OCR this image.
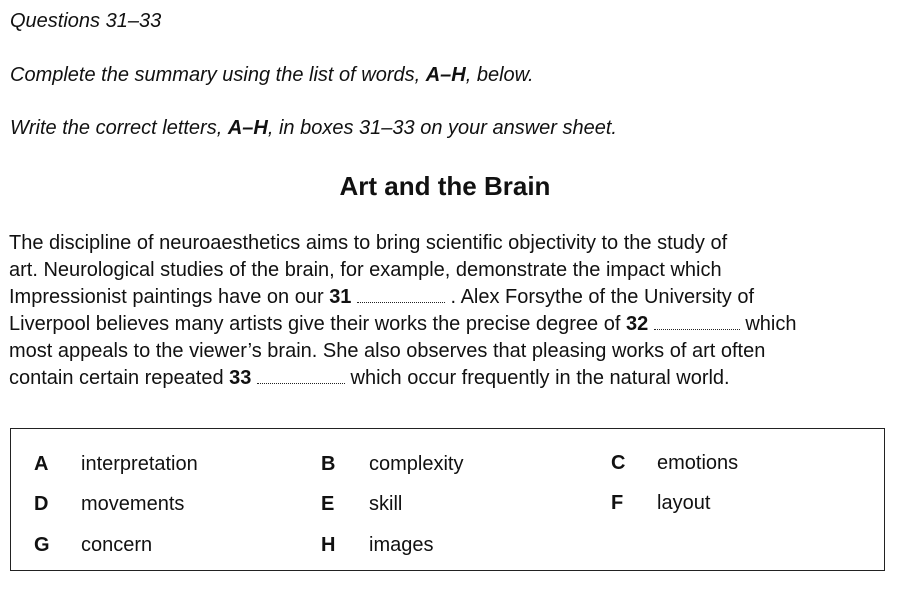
Questions 31–33

Complete the summary using the list of words, A–H, below.

Write the correct letters, A–H, in boxes 31–33 on your answer sheet.

Art and the Brain
The discipline of neuroaesthetics aims to bring scientific objectivity to the study of
art. Neurological studies of the brain, for example, demonstrate the impact which
Impressionist paintings have on our 31	. Alex Forsythe of the University of
Liverpool believes many artists give their works the precise degree of 32	which
most appeals to the viewer’s brain. She also observes that pleasing works of art often
contain certain repeated 33	which occur frequently in the natural world.
A	interpretation	B	complexity	C	emotions
D	movements	E	skill	F	layout
G	concern	H	images
